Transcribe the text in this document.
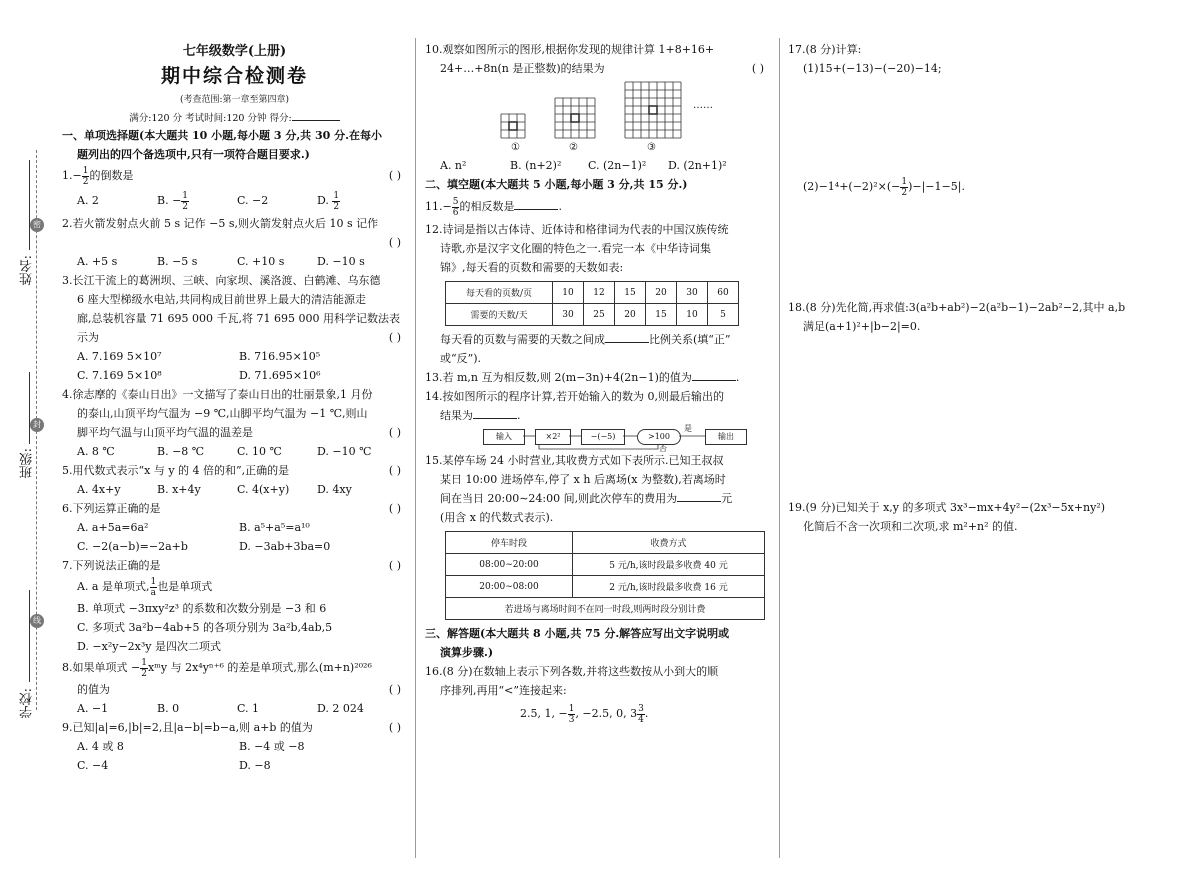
姓名:
班级:
学校:
密
封
线
七年级数学(上册)
期中综合检测卷
(考查范围:第一章至第四章)
满分:120 分 考试时间:120 分钟 得分:
一、单项选择题(本大题共 10 小题,每小题 3 分,共 30 分.在每小
题列出的四个备选项中,只有一项符合题目要求.)
$1.- \frac{1}{2}$ 的倒数是	( )
A. 2	B. − $\frac{1}{2}$	C. −2	D. $\frac{1}{2}$
2.若火箭发射点火前 5 s 记作 −5 s,则火箭发射点火后 10 s 记作
( )

A. +5 s	B. −5 s	C. +10 s	D. −10 s
3.长江干流上的葛洲坝、三峡、向家坝、溪洛渡、白鹤滩、乌东德
6 座大型梯级水电站,共同构成目前世界上最大的清洁能源走
廊,总装机容量 71 695 000 千瓦,将 71 695 000 用科学记数法表
示为	( )
A. 7.169 5×10⁷	B. 716.95×10⁵
C. 7.169 5×10⁸	D. 71.695×10⁶
4.徐志摩的《泰山日出》一文描写了泰山日出的壮丽景象,1 月份
的泰山,山顶平均气温为 −9 ℃,山脚平均气温为 −1 ℃,则山
脚平均气温与山顶平均气温的温差是	( )
A. 8 ℃	B. −8 ℃	C. 10 ℃	D. −10 ℃
5.用代数式表示“x 与 y 的 4 倍的和”,正确的是	( )
A. 4x+y	B. x+4y	C. 4(x+y)	D. 4xy
6.下列运算正确的是	( )
A. a+5a=6a²	B. a⁵+a⁵=a¹⁰
C. −2(a−b)=−2a+b	D. −3ab+3ba=0
7.下列说法正确的是	( )
A. a 是单项式, $\frac{1}{a}$ 也是单项式
B. 单项式 −3πxy²z³ 的系数和次数分别是 −3 和 6
C. 多项式 3a²b−4ab+5 的各项分别为 3a²b,4ab,5
D. −x²y−2x³y 是四次二项式
8.如果单项式 − $\frac{1}{2}$ xᵐy 与 2x⁴yⁿ⁺⁶ 的差是单项式,那么(m+n)²⁰²⁶
的值为	( )
A. −1	B. 0	C. 1	D. 2 024
9.已知|a|=6,|b|=2,且|a−b|=b−a,则 a+b 的值为	( )
A. 4 或 8	B. −4 或 −8
C. −4	D. −8
10.观察如图所示的图形,根据你发现的规律计算 1+8+16+
24+…+8n(n 是正整数)的结果为	( )
①	②	③
……
A. n²	B. (n+2)² C. (2n−1)² D. (2n+1)²
二、填空题(本大题共 5 小题,每小题 3 分,共 15 分.)
$11.- \frac{5}{6}$ 的相反数是	.
12.诗词是指以古体诗、近体诗和格律词为代表的中国汉族传统
诗歌,亦是汉字文化圈的特色之一.看完一本《中华诗词集
锦》,每天看的页数和需要的天数如表:
每天看的页数/页	10	12	15	20	30	60
需要的天数/天	30	25	20	15	10	5
每天看的页数与需要的天数之间成	比例关系(填“正”
或“反”).
13.若 m,n 互为相反数,则 2(m−3n)+4(2n−1)的值为	.
14.按如图所示的程序计算,若开始输入的数为 0,则最后输出的
结果为	.
输入	×2²	−(−5)	>100	输出
是
否
15.某停车场 24 小时营业,其收费方式如下表所示.已知王叔叔
某日 10:00 进场停车,停了 x h 后离场(x 为整数),若离场时
间在当日 20:00∼24:00 间,则此次停车的费用为	元
(用含 x 的代数式表示).
停车时段	收费方式
08:00∼20:00	5 元/h,该时段最多收费 40 元
20:00∼08:00	2 元/h,该时段最多收费 16 元
若进场与离场时间不在同一时段,则两时段分别计费	
三、解答题(本大题共 8 小题,共 75 分.解答应写出文字说明或
演算步骤.)
16.(8 分)在数轴上表示下列各数,并将这些数按从小到大的顺
序排列,再用“<”连接起来:
2.5, 1, − $\frac{1}{3}$ , −2.5, 0, $3 \frac{3}{4}$ .
17.(8 分)计算:
(1)15+(−13)−(−20)−14;
$(2)-1^4+(-2)^2\times(- \frac{1}{2} )-|-1-5|$.
18.(8 分)先化简,再求值:3(a²b+ab²)−2(a²b−1)−2ab²−2,其中 a,b
满足(a+1)²+|b−2|=0.
19.(9 分)已知关于 x,y 的多项式 3x³−mx+4y²−(2x³−5x+ny²)
化简后不含一次项和二次项,求 m²+n² 的值.
